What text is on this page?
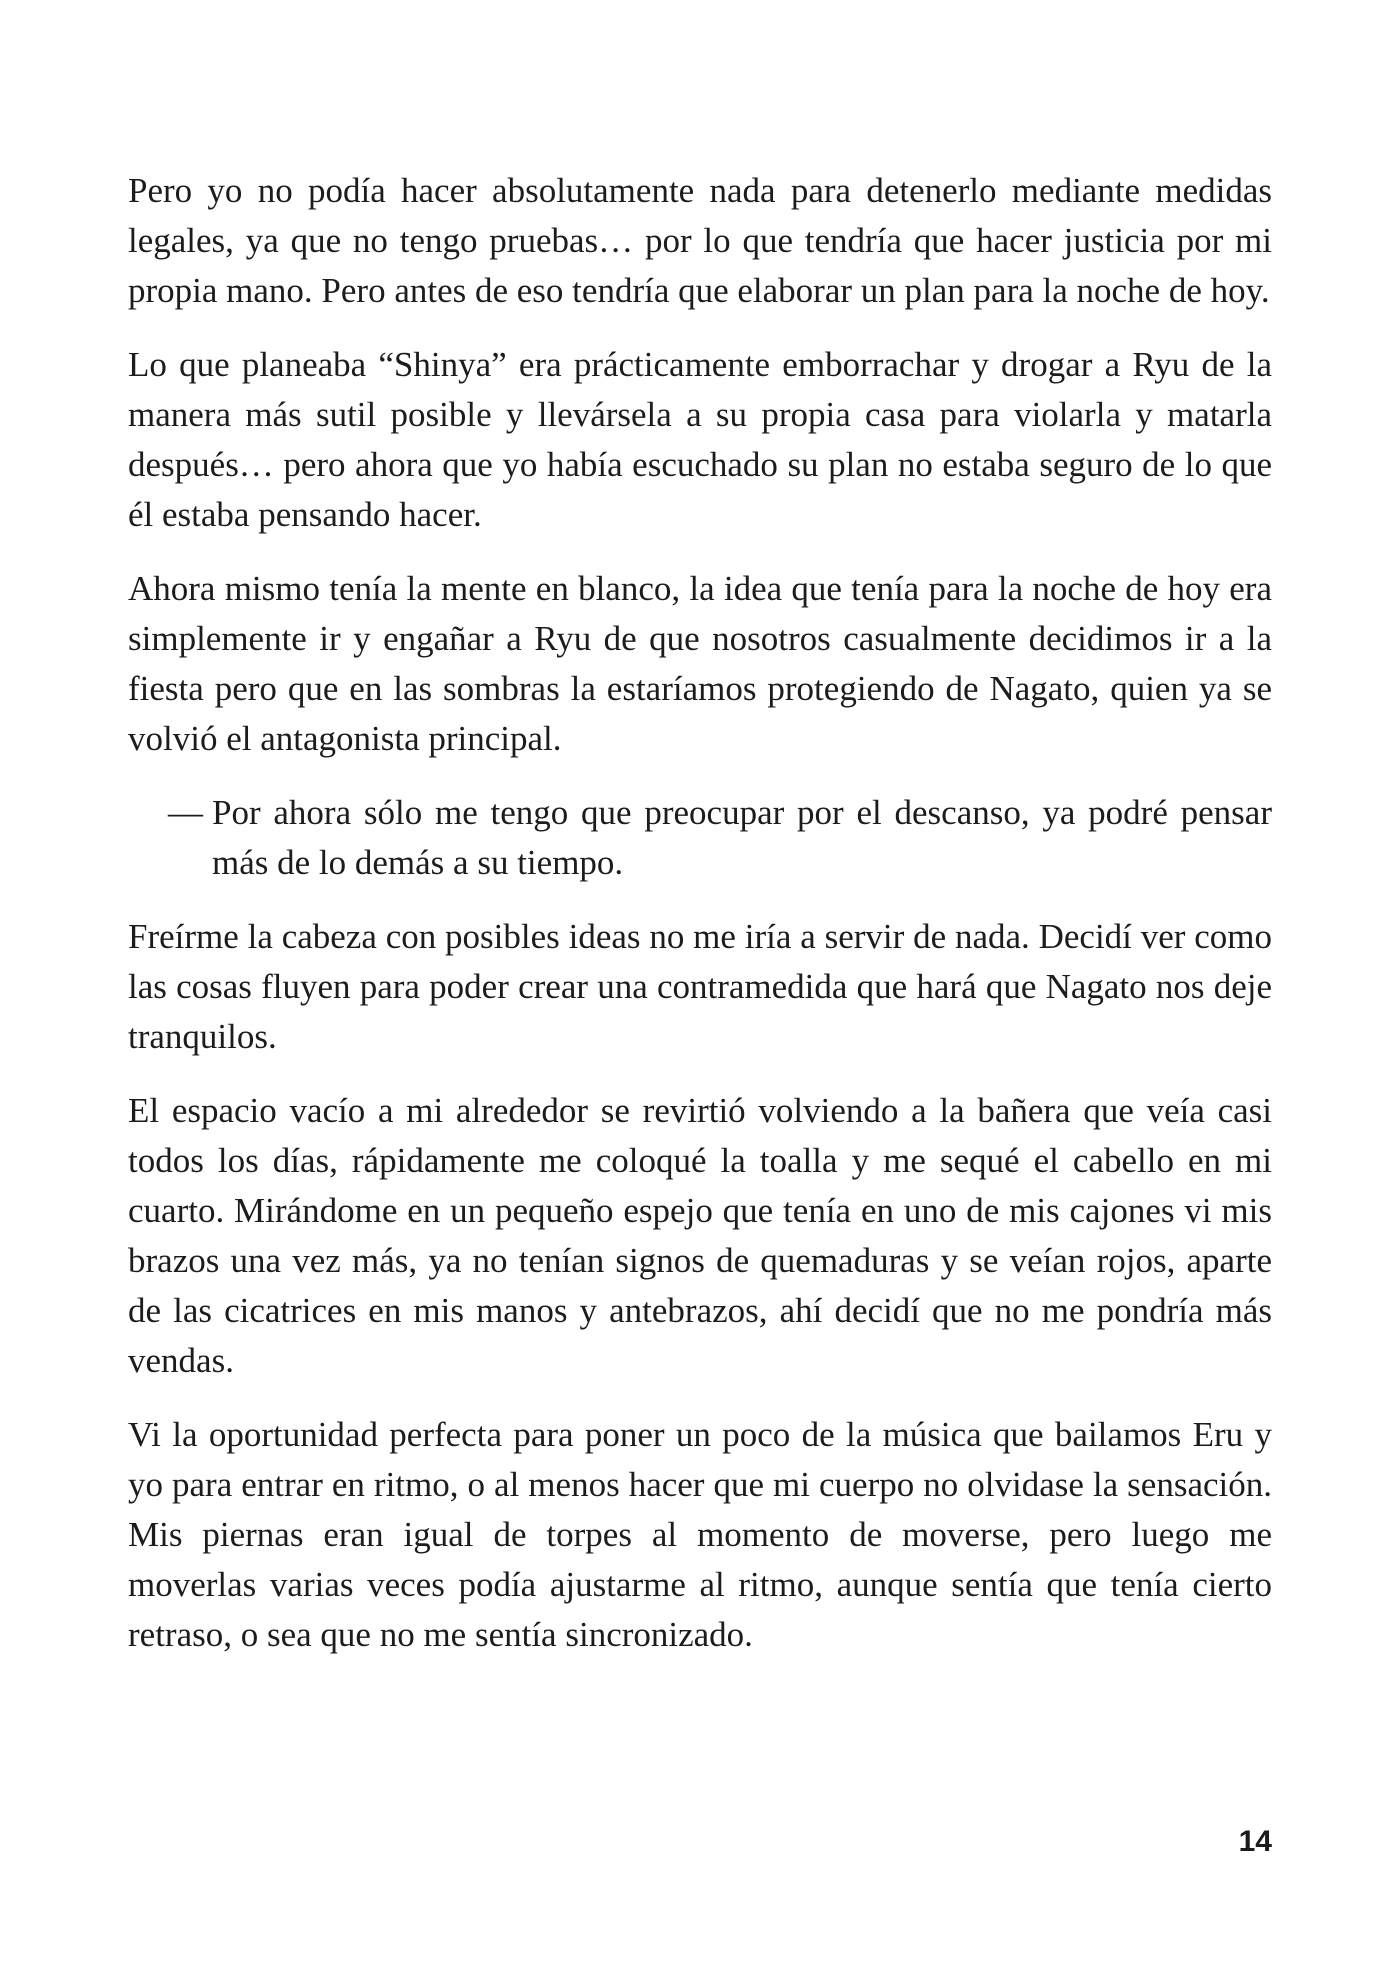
Pero yo no podía hacer absolutamente nada para detenerlo mediante medidas legales, ya que no tengo pruebas… por lo que tendría que hacer justicia por mi propia mano. Pero antes de eso tendría que elaborar un plan para la noche de hoy.

Lo que planeaba “Shinya” era prácticamente emborrachar y drogar a Ryu de la manera más sutil posible y llevársela a su propia casa para violarla y matarla después… pero ahora que yo había escuchado su plan no estaba seguro de lo que él estaba pensando hacer.

Ahora mismo tenía la mente en blanco, la idea que tenía para la noche de hoy era simplemente ir y engañar a Ryu de que nosotros casualmente decidimos ir a la fiesta pero que en las sombras la estaríamos protegiendo de Nagato, quien ya se volvió el antagonista principal.

— Por ahora sólo me tengo que preocupar por el descanso, ya podré pensar más de lo demás a su tiempo.

Freírme la cabeza con posibles ideas no me iría a servir de nada. Decidí ver como las cosas fluyen para poder crear una contramedida que hará que Nagato nos deje tranquilos.

El espacio vacío a mi alrededor se revirtió volviendo a la bañera que veía casi todos los días, rápidamente me coloqué la toalla y me sequé el cabello en mi cuarto. Mirándome en un pequeño espejo que tenía en uno de mis cajones vi mis brazos una vez más, ya no tenían signos de quemaduras y se veían rojos, aparte de las cicatrices en mis manos y antebrazos, ahí decidí que no me pondría más vendas.

Vi la oportunidad perfecta para poner un poco de la música que bailamos Eru y yo para entrar en ritmo, o al menos hacer que mi cuerpo no olvidase la sensación. Mis piernas eran igual de torpes al momento de moverse, pero luego me moverlas varias veces podía ajustarme al ritmo, aunque sentía que tenía cierto retraso, o sea que no me sentía sincronizado.

14
